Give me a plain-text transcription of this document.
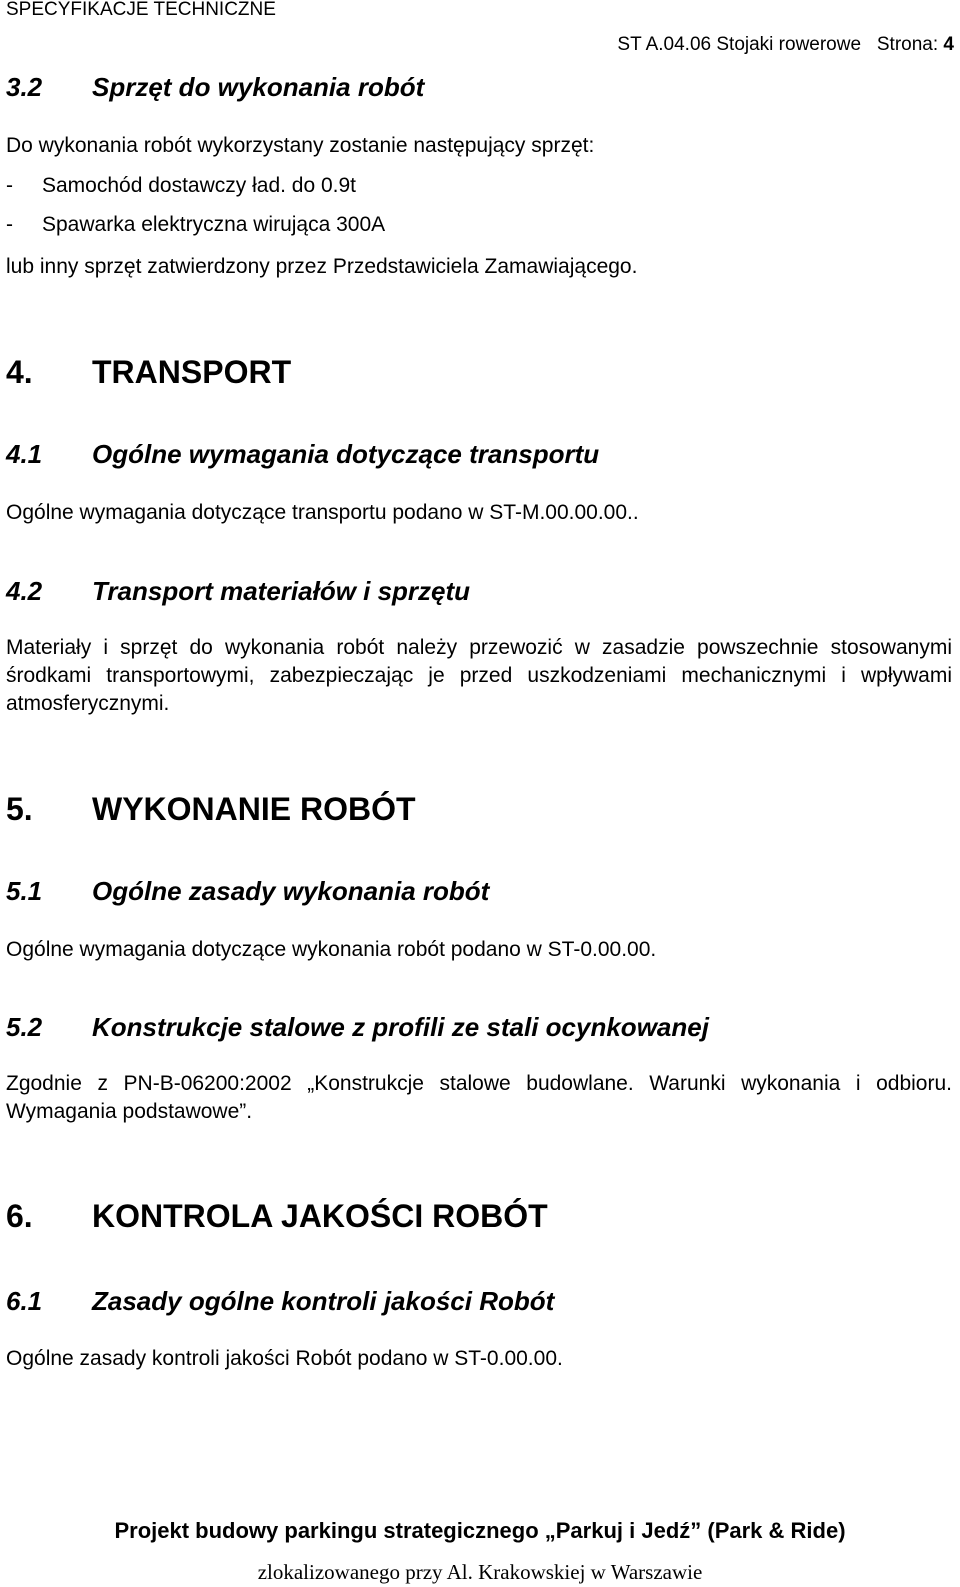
SPECYFIKACJE TECHNICZNE
ST A.04.06 Stojaki rowerowe   Strona: 4
3.2 Sprzęt do wykonania robót
Do wykonania robót wykorzystany zostanie następujący sprzęt:
- Samochód dostawczy ład. do 0.9t
- Spawarka elektryczna wirująca 300A
lub inny sprzęt zatwierdzony przez Przedstawiciela Zamawiającego.
4. TRANSPORT
4.1 Ogólne wymagania dotyczące transportu
Ogólne wymagania dotyczące transportu podano w ST-M.00.00.00..
4.2 Transport materiałów i sprzętu
Materiały i sprzęt do wykonania robót należy przewozić w zasadzie powszechnie stosowanymi środkami transportowymi, zabezpieczając je przed uszkodzeniami mechanicznymi i wpływami atmosferycznymi.
5. WYKONANIE ROBÓT
5.1 Ogólne zasady wykonania robót
Ogólne wymagania dotyczące wykonania robót podano w ST-0.00.00.
5.2 Konstrukcje stalowe z profili ze stali ocynkowanej
Zgodnie z PN-B-06200:2002 „Konstrukcje stalowe budowlane. Warunki wykonania i odbioru. Wymagania podstawowe”.
6. KONTROLA JAKOŚCI ROBÓT
6.1 Zasady ogólne kontroli jakości Robót
Ogólne zasady kontroli jakości Robót podano w ST-0.00.00.
Projekt budowy parkingu strategicznego „Parkuj i Jedź” (Park & Ride)
zlokalizowanego przy Al. Krakowskiej w Warszawie
